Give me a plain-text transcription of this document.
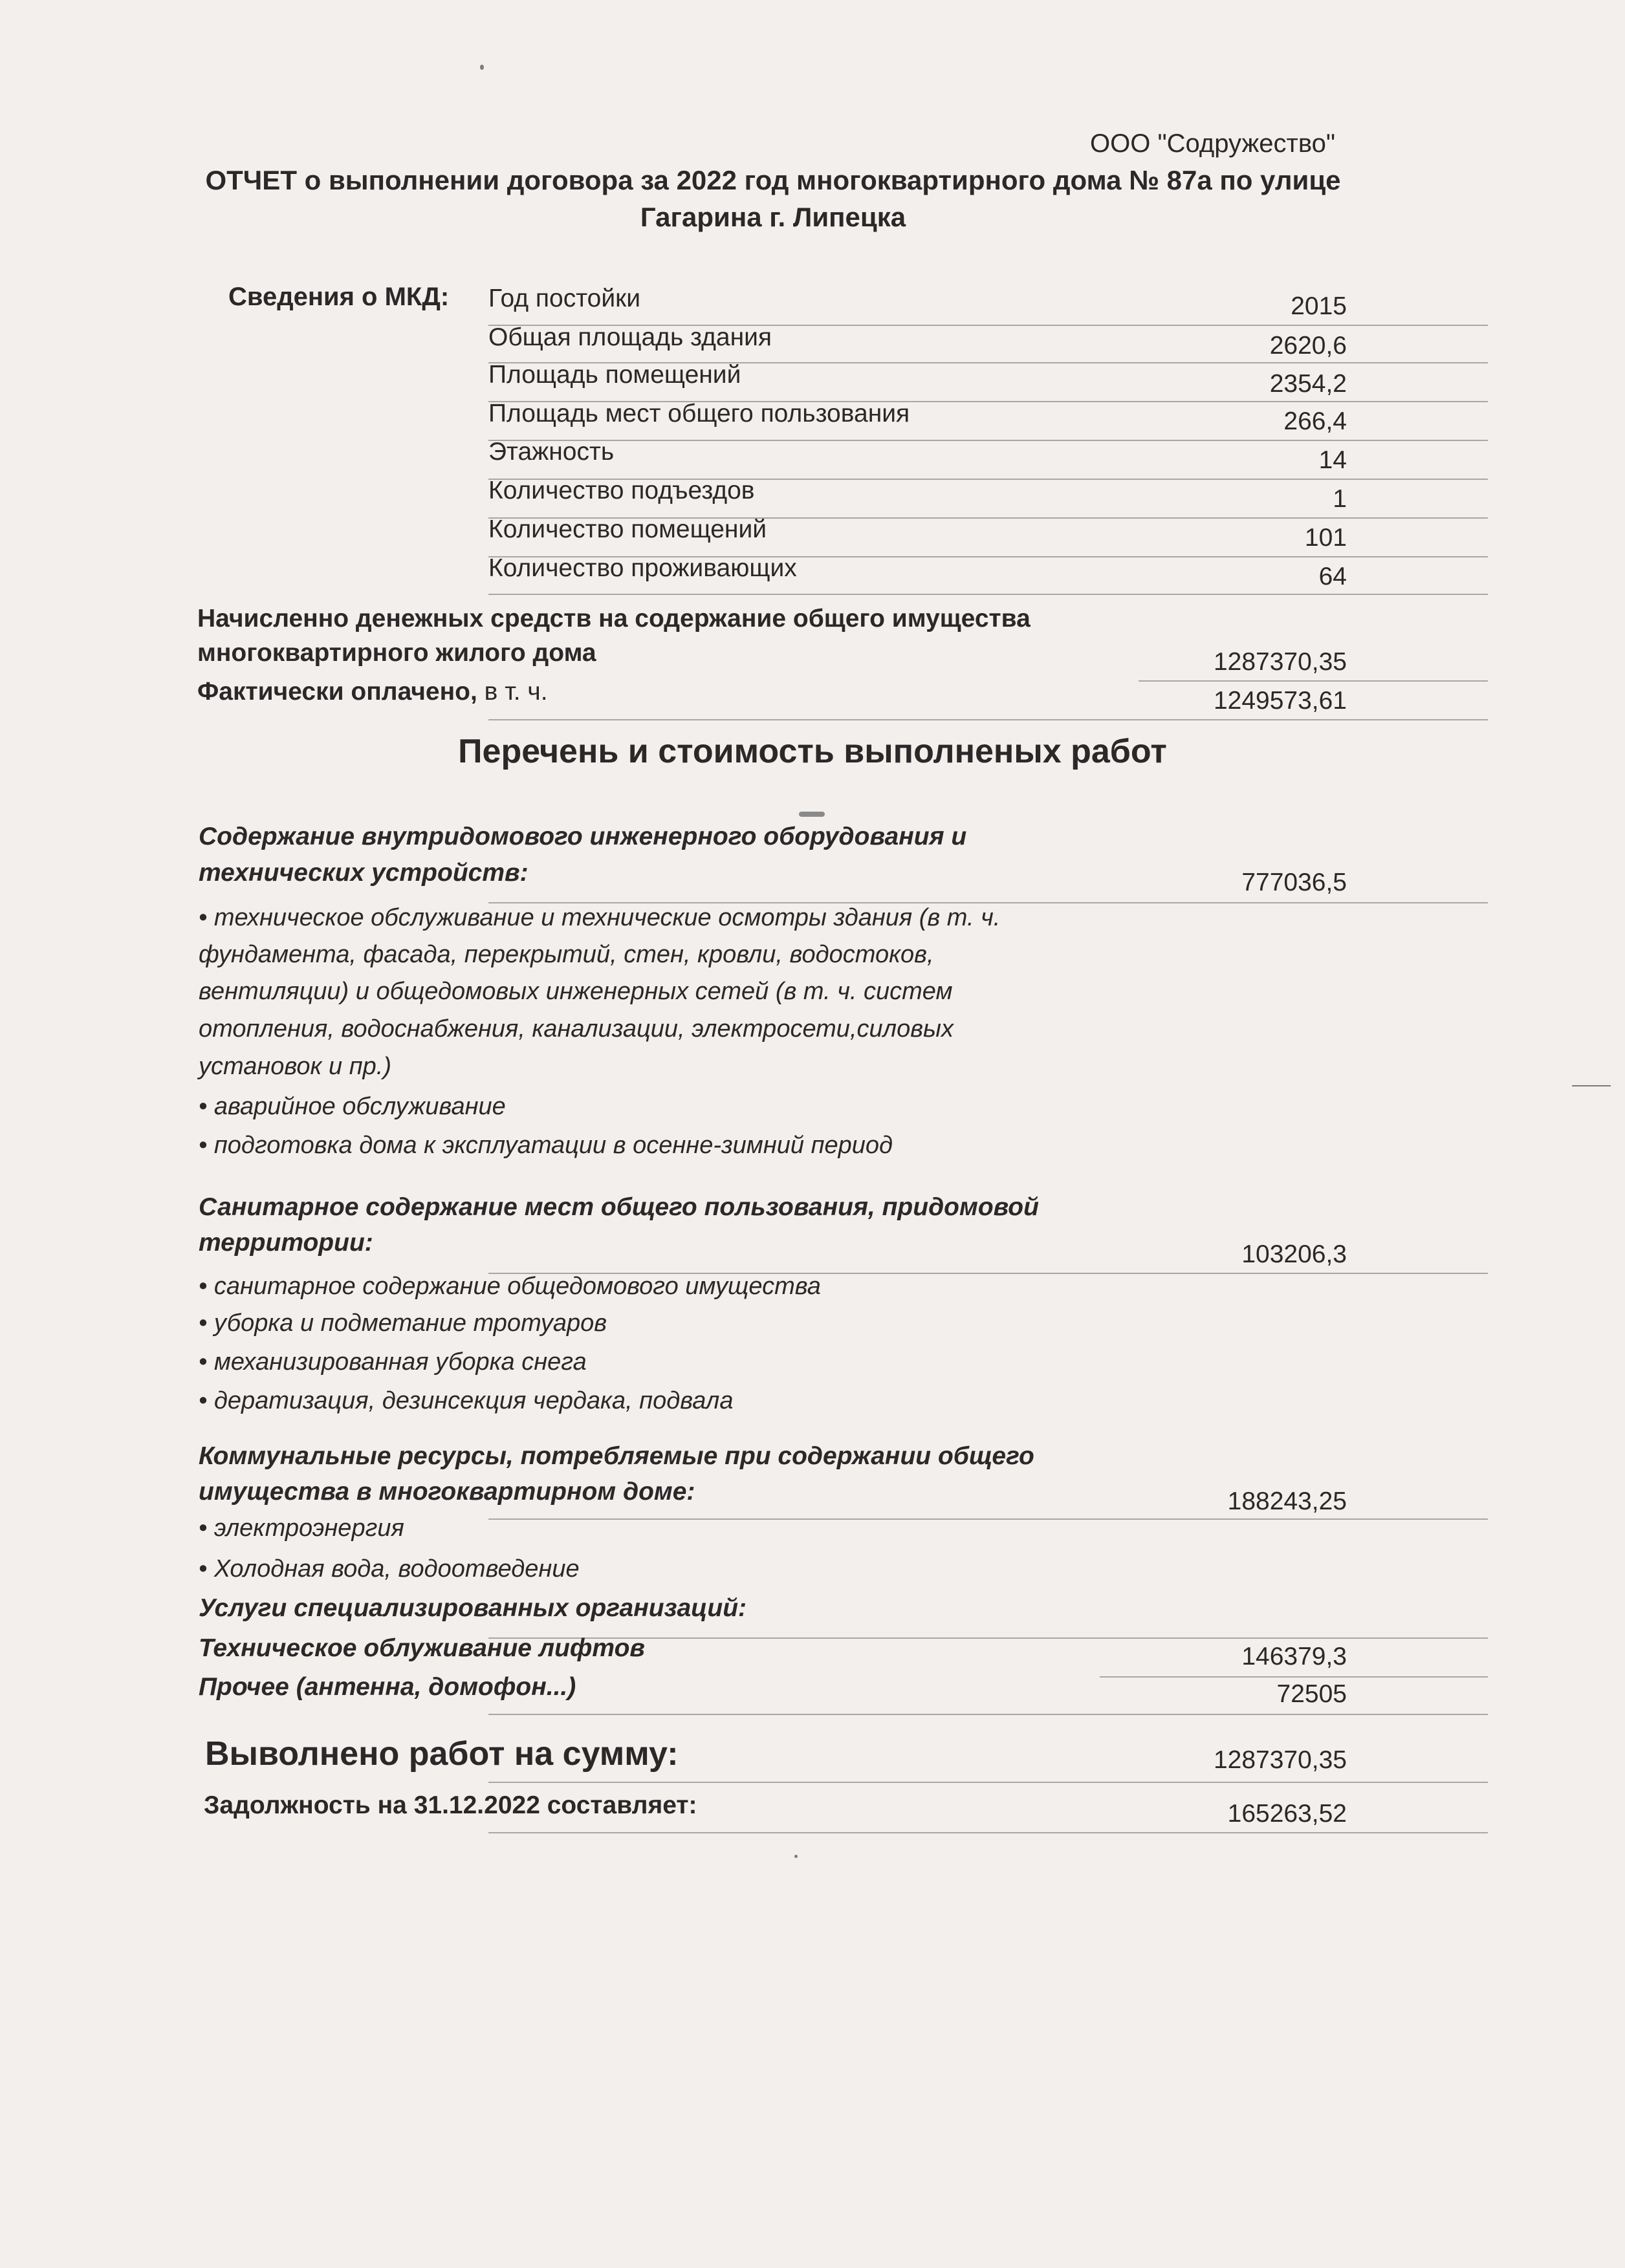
ООО "Содружество"
ОТЧЕТ о выполнении договора за 2022 год многоквартирного дома № 87а по улице
Гагарина г. Липецка
Сведения о МКД: Год постойки	2015
Общая площадь здания	2620,6
Площадь помещений	2354,2
Площадь мест общего пользования	266,4
Этажность	14
Количество подъездов	1
Количество помещений	101
Количество проживающих	64
Начисленно денежных средств на содержание общего имущества
многоквартирного жилого дома	1287370,35
Фактически оплачено, в т. ч.	1249573,61
Перечень и стоимость выполненых работ
Содержание внутридомового инженерного оборудования и
технических устройств:	777036,5
• техническое обслуживание и технические осмотры здания (в т. ч.
фундамента, фасада, перекрытий, стен, кровли, водостоков,
вентиляции) и общедомовых инженерных сетей (в т. ч. систем
отопления, водоснабжения, канализации, электросети,силовых
установок и пр.)
• аварийное обслуживание
• подготовка дома к эксплуатации в осенне-зимний период
Санитарное содержание мест общего пользования, придомовой
территории:	103206,3
• санитарное содержание общедомового имущества
• уборка и подметание тротуаров
• механизированная уборка снега
• дератизация, дезинсекция чердака, подвала
Коммунальные ресурсы, потребляемые при содержании общего
имущества в многоквартирном доме:	188243,25
• электроэнергия
• Холодная вода, водоотведение
Услуги специализированных организаций:
Техническое облуживание лифтов	146379,3
Прочее (антенна, домофон...)	72505
Выволнено работ на сумму:	1287370,35
Задолжность на 31.12.2022 составляет:	165263,52
